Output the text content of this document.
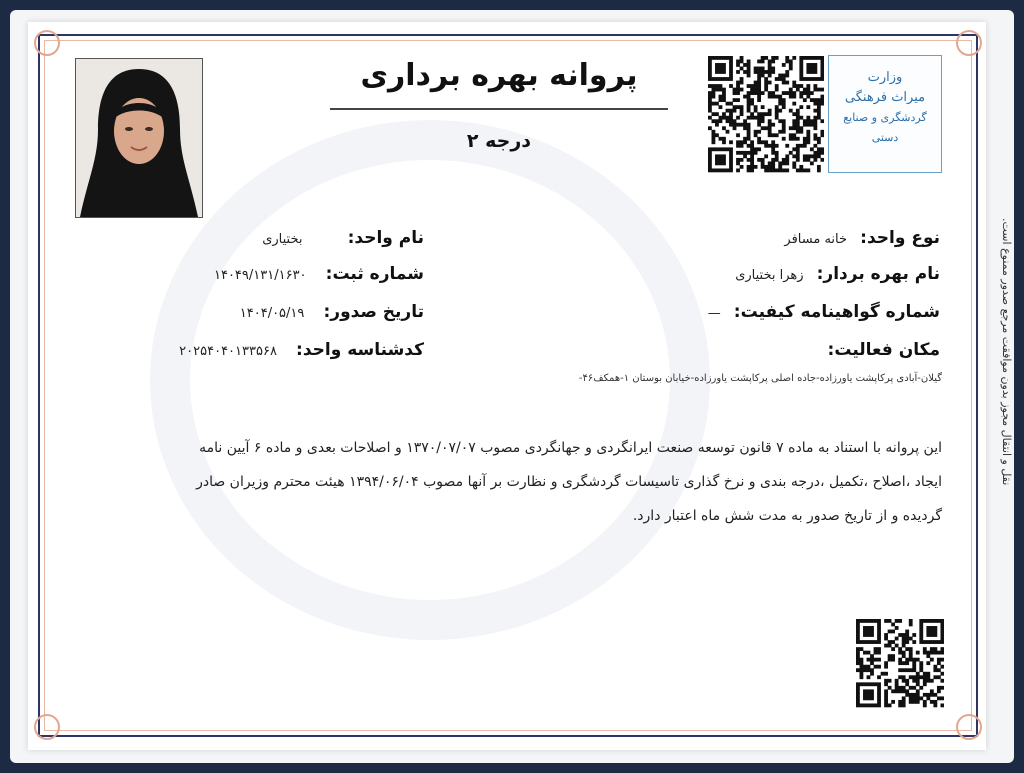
پروانه بهره برداری
درجه ۲
وزارت
میراث فرهنگی
گردشگری و صنایع دستی
نقل و انتقال مجوز بدون موافقت مرجع صدور ممنوع است.
نوع واحد: خانه مسافر
نام بهره بردار: زهرا بختیاری
شماره گواهینامه کیفیت: —
مکان فعالیت:
نام واحد: بختیاری
شماره ثبت: ۱۴۰۴۹/۱۳۱/۱۶۳۰
تاریخ صدور: ۱۴۰۴/۰۵/۱۹
کدشناسه واحد: ۲۰۲۵۴۰۴۰۱۳۳۵۶۸
گیلان-آبادی پرکاپشت یاورزاده-جاده اصلی پرکاپشت یاورزاده-خیابان بوستان ۱-همکف۴۶-
این پروانه با استناد به ماده ۷ قانون توسعه صنعت ایرانگردی و جهانگردی مصوب ۱۳۷۰/۰۷/۰۷ و اصلاحات بعدی و ماده ۶ آیین نامه
ایجاد ،اصلاح ،تکمیل ،درجه بندی و نرخ گذاری تاسیسات گردشگری و نظارت بر آنها مصوب ۱۳۹۴/۰۶/۰۴ هیئت محترم وزیران صادر
گردیده و از تاریخ صدور به مدت شش ماه اعتبار دارد.
